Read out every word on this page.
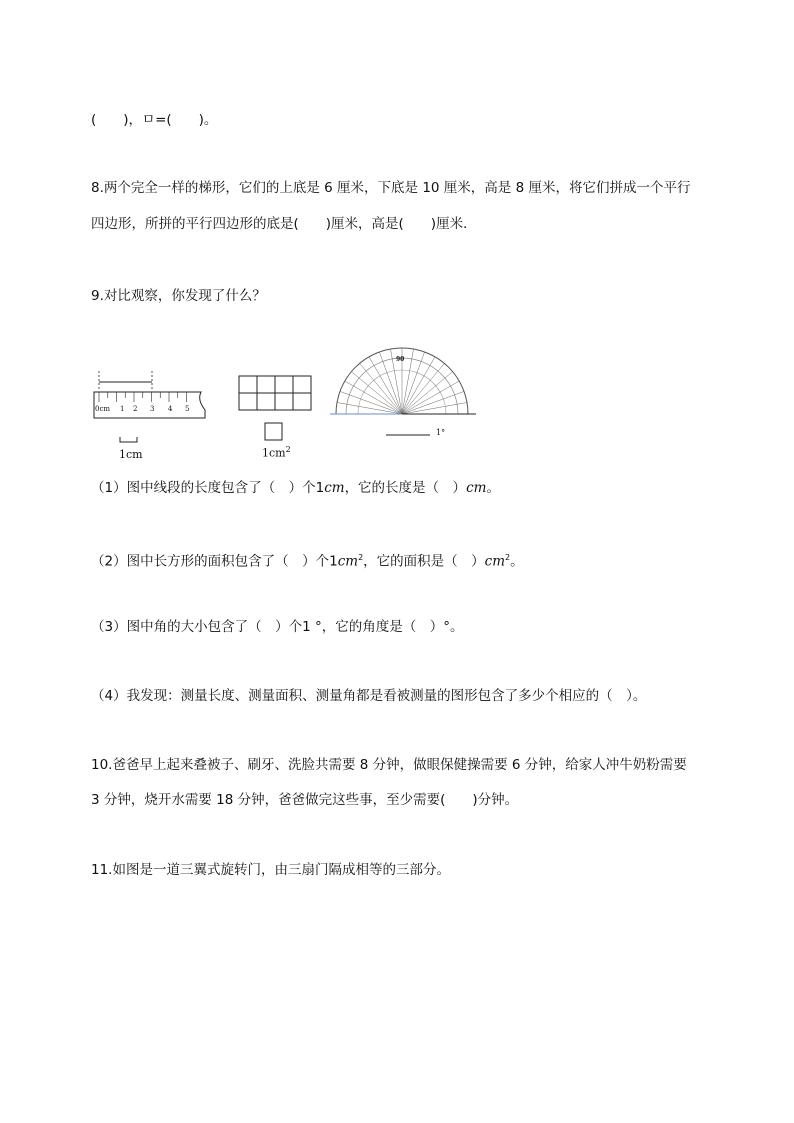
(　　)，ㅁ=(　　)。
8.两个完全一样的梯形，它们的上底是 6 厘米，下底是 10 厘米，高是 8 厘米，将它们拼成一个平行
四边形，所拼的平行四边形的底是(　　)厘米，高是(　　)厘米．
9.对比观察，你发现了什么？
0cm 1 2 3 4 5
1cm	$1cm^2$
90
1°
（1）图中线段的长度包含了（　）个1cm，它的长度是（　）cm。
（2）图中长方形的面积包含了（　）个$1cm^2$，它的面积是（　）$cm^2$。
（3）图中角的大小包含了（　）个1 °，它的角度是（　）°。
（4）我发现：测量长度、测量面积、测量角都是看被测量的图形包含了多少个相应的（　）。
10.爸爸早上起来叠被子、刷牙、洗脸共需要 8 分钟，做眼保健操需要 6 分钟，给家人冲牛奶粉需要
3 分钟，烧开水需要 18 分钟，爸爸做完这些事，至少需要(　　)分钟。
11.如图是一道三翼式旋转门，由三扇门隔成相等的三部分。
